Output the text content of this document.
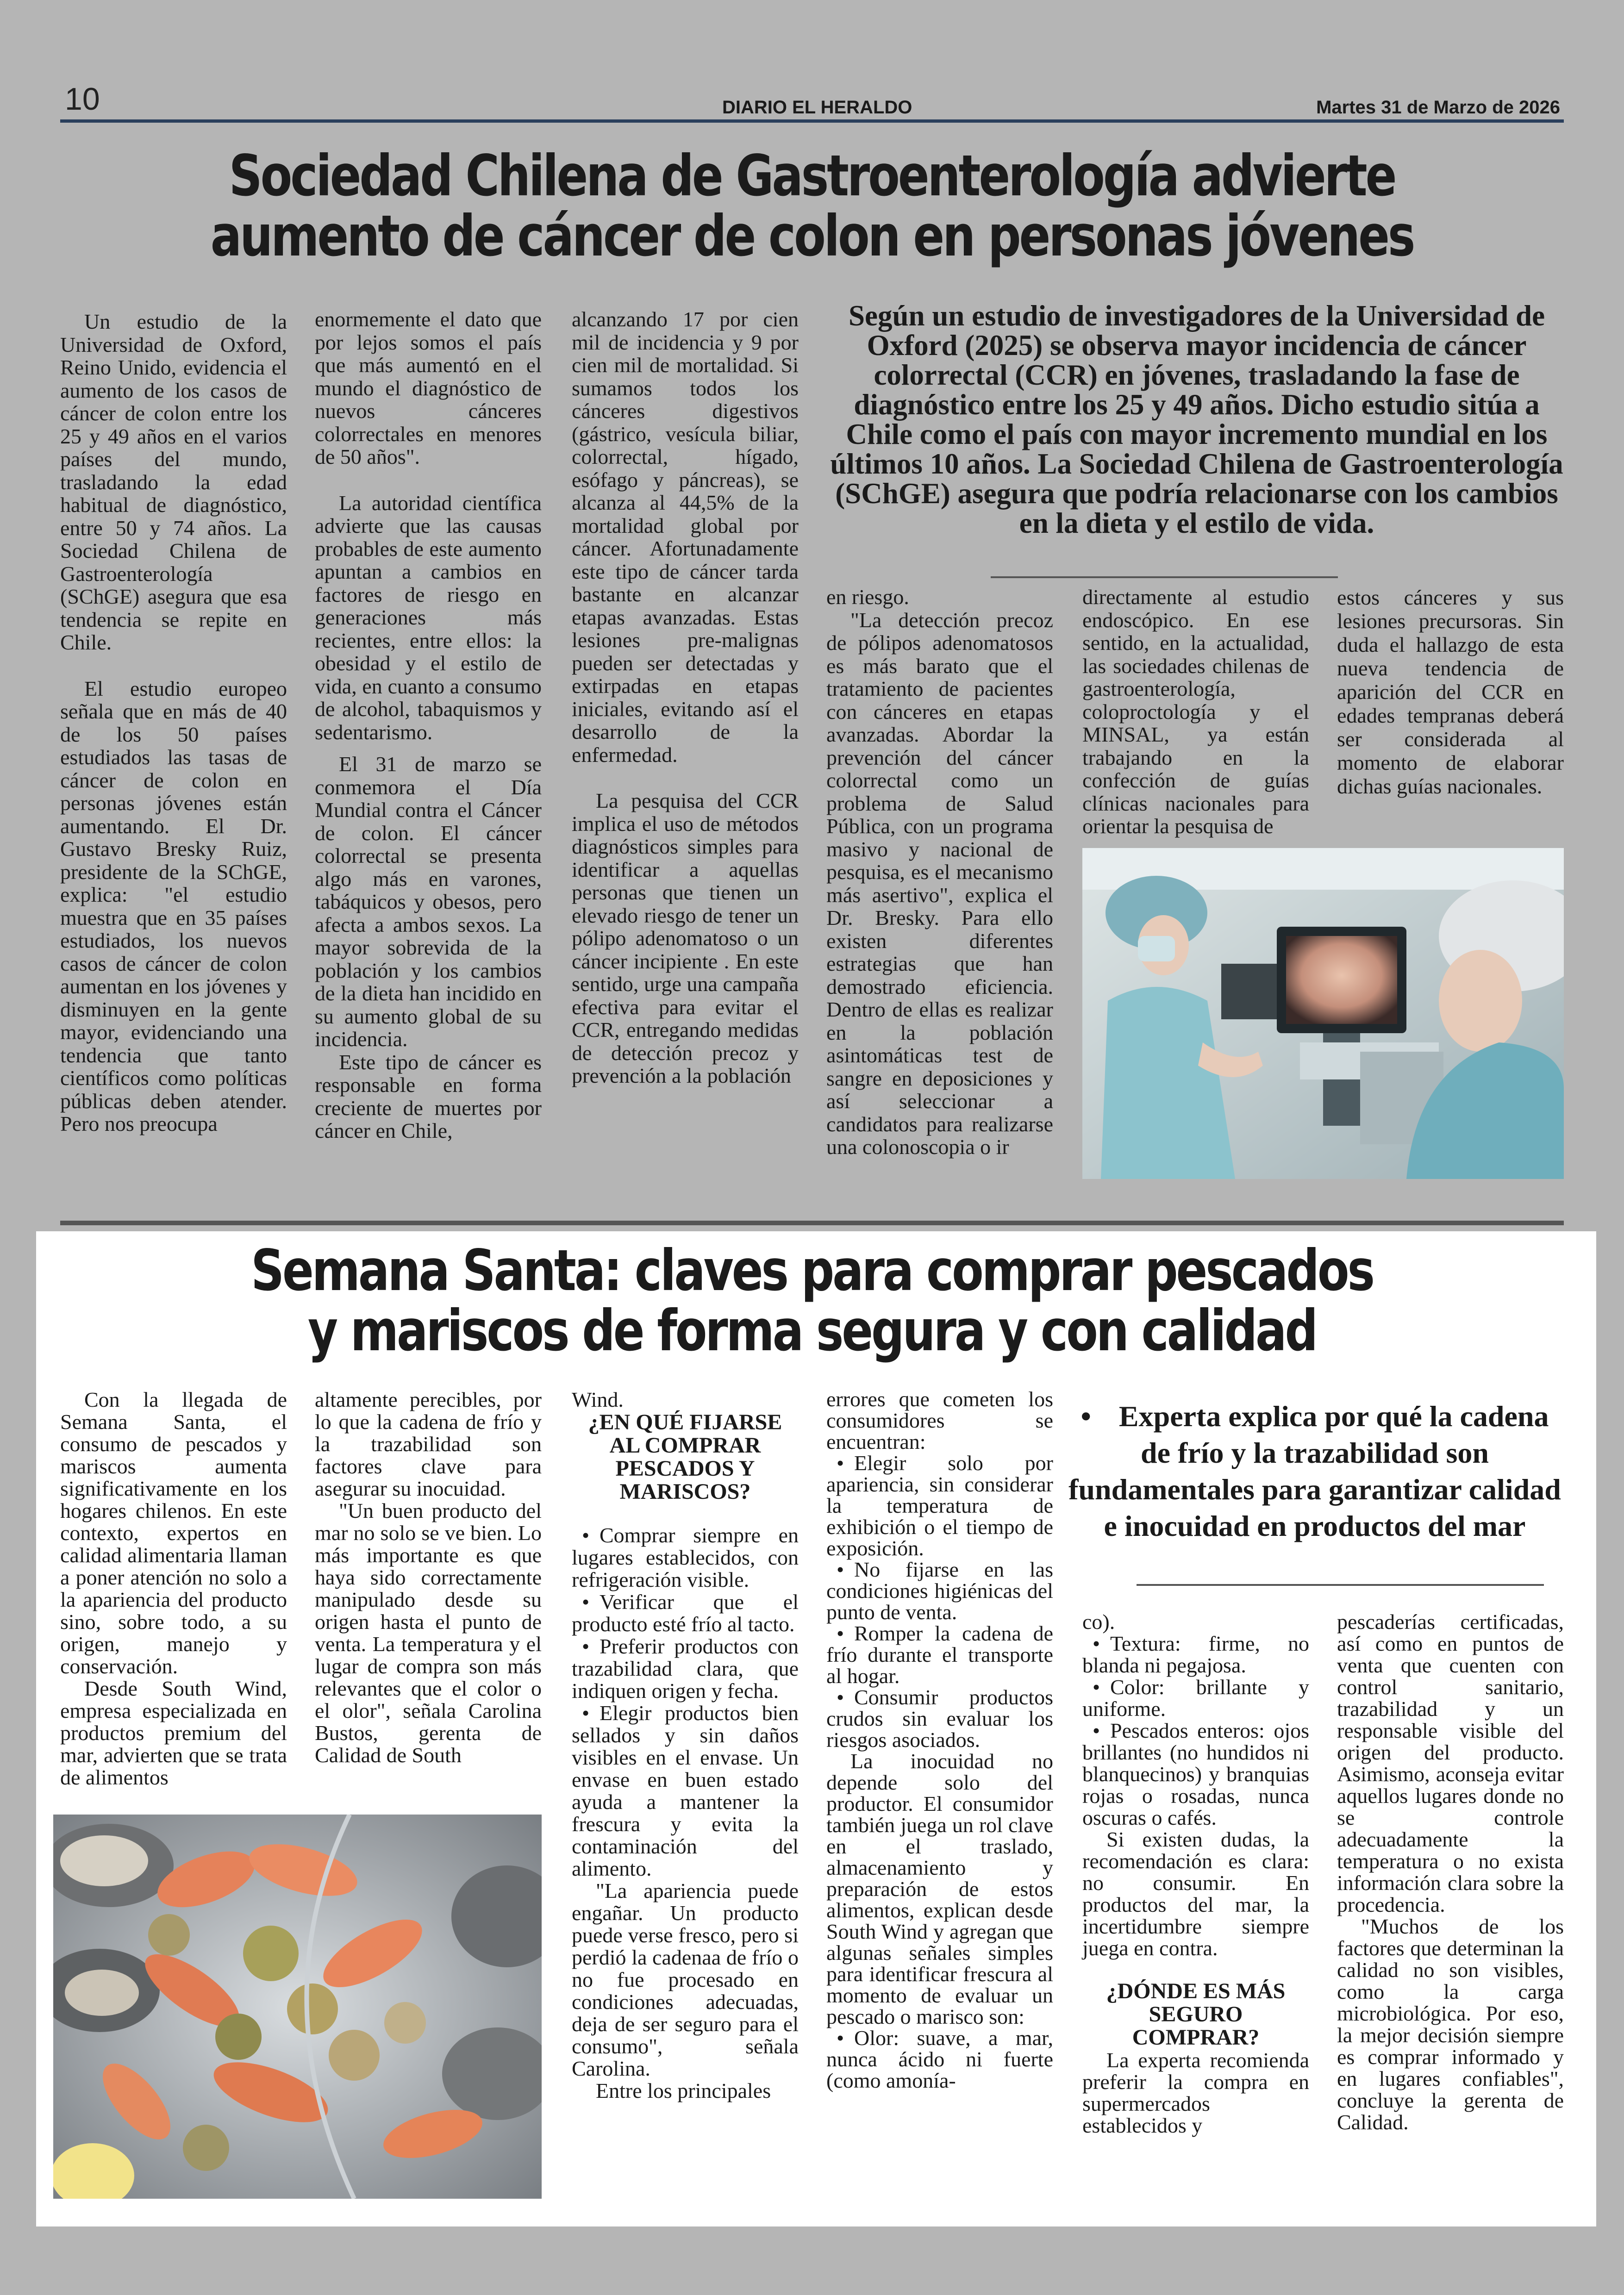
10	DIARIO EL HERALDO	Martes 31 de Marzo de 2026
Sociedad Chilena de Gastroenterología advierte
aumento de cáncer de colon en personas jóvenes

Un estudio de la Universidad de Oxford, Reino Unido, evidencia el aumento de los casos de cáncer de colon entre los 25 y 49 años en el varios países del mundo, trasladando la edad habitual de diagnóstico, entre 50 y 74 años. La Sociedad Chilena de Gastroenterología (SChGE) asegura que esa tendencia se repite en Chile.

El estudio europeo señala que en más de 40 de los 50 países estudiados las tasas de cáncer de colon en personas jóvenes están aumentando. El Dr. Gustavo Bresky Ruiz, presidente de la SChGE, explica: "el estudio muestra que en 35 países estudiados, los nuevos casos de cáncer de colon aumentan en los jóvenes y disminuyen en la gente mayor, evidenciando una tendencia que tanto científicos como políticas públicas deben atender. Pero nos preocupa

enormemente el dato que por lejos somos el país que más aumentó en el mundo el diagnóstico de nuevos cánceres colorrectales en menores de 50 años".

La autoridad científica advierte que las causas probables de este aumento apuntan a cambios en factores de riesgo en generaciones más recientes, entre ellos: la obesidad y el estilo de vida, en cuanto a consumo de alcohol, tabaquismos y sedentarismo.

El 31 de marzo se conmemora el Día Mundial contra el Cáncer de colon. El cáncer colorrectal se presenta algo más en varones, tabáquicos y obesos, pero afecta a ambos sexos. La mayor sobrevida de la población y los cambios de la dieta han incidido en su aumento global de su incidencia.

Este tipo de cáncer es responsable en forma creciente de muertes por cáncer en Chile,

alcanzando 17 por cien mil de incidencia y 9 por cien mil de mortalidad. Si sumamos todos los cánceres digestivos (gástrico, vesícula biliar, colorrectal, hígado, esófago y páncreas), se alcanza al 44,5% de la mortalidad global por cáncer. Afortunadamente este tipo de cáncer tarda bastante en alcanzar etapas avanzadas. Estas lesiones pre-malignas pueden ser detectadas y extirpadas en etapas iniciales, evitando así el desarrollo de la enfermedad.

La pesquisa del CCR implica el uso de métodos diagnósticos simples para identificar a aquellas personas que tienen un elevado riesgo de tener un pólipo adenomatoso o un cáncer incipiente . En este sentido, urge una campaña efectiva para evitar el CCR, entregando medidas de detección precoz y prevención a la población

Según un estudio de investigadores de la Universidad de Oxford (2025) se observa mayor incidencia de cáncer colorrectal (CCR) en jóvenes, trasladando la fase de diagnóstico entre los 25 y 49 años. Dicho estudio sitúa a Chile como el país con mayor incremento mundial en los últimos 10 años. La Sociedad Chilena de Gastroenterología (SChGE) asegura que podría relacionarse con los cambios en la dieta y el estilo de vida.

en riesgo.

"La detección precoz de pólipos adenomatosos es más barato que el tratamiento de pacientes con cánceres en etapas avanzadas. Abordar la prevención del cáncer colorrectal como un problema de Salud Pública, con un programa masivo y nacional de pesquisa, es el mecanismo más asertivo", explica el Dr. Bresky. Para ello existen diferentes estrategias que han demostrado eficiencia. Dentro de ellas es realizar en la población asintomáticas test de sangre en deposiciones y así seleccionar a candidatos para realizarse una colonoscopia o ir

directamente al estudio endoscópico. En ese sentido, en la actualidad, las sociedades chilenas de gastroenterología, coloproctología y el MINSAL, ya están trabajando en la confección de guías clínicas nacionales para orientar la pesquisa de

estos cánceres y sus lesiones precursoras. Sin duda el hallazgo de esta nueva tendencia de aparición del CCR en edades tempranas deberá ser considerada al momento de elaborar dichas guías nacionales.

Semana Santa: claves para comprar pescados
y mariscos de forma segura y con calidad

Con la llegada de Semana Santa, el consumo de pescados y mariscos aumenta significativamente en los hogares chilenos. En este contexto, expertos en calidad alimentaria llaman a poner atención no solo a la apariencia del producto sino, sobre todo, a su origen, manejo y conservación.

Desde South Wind, empresa especializada en productos premium del mar, advierten que se trata de alimentos

altamente perecibles, por lo que la cadena de frío y la trazabilidad son factores clave para asegurar su inocuidad.

"Un buen producto del mar no solo se ve bien. Lo más importante es que haya sido correctamente manipulado desde su origen hasta el punto de venta. La temperatura y el lugar de compra son más relevantes que el color o el olor", señala Carolina Bustos, gerenta de Calidad de South

Wind.

¿EN QUÉ FIJARSE AL COMPRAR PESCADOS Y MARISCOS?

• Comprar siempre en lugares establecidos, con refrigeración visible.

• Verificar que el producto esté frío al tacto.

• Preferir productos con trazabilidad clara, que indiquen origen y fecha.

• Elegir productos bien sellados y sin daños visibles en el envase. Un envase en buen estado ayuda a mantener la frescura y evita la contaminación del alimento.

"La apariencia puede engañar. Un producto puede verse fresco, pero si perdió la cadenaa de frío o no fue procesado en condiciones adecuadas, deja de ser seguro para el consumo", señala Carolina.

Entre los principales

errores que cometen los consumidores se encuentran:

• Elegir solo por apariencia, sin considerar la temperatura de exhibición o el tiempo de exposición.

• No fijarse en las condiciones higiénicas del punto de venta.

• Romper la cadena de frío durante el transporte al hogar.

• Consumir productos crudos sin evaluar los riesgos asociados.

La inocuidad no depende solo del productor. El consumidor también juega un rol clave en el traslado, almacenamiento y preparación de estos alimentos, explican desde South Wind y agregan que algunas señales simples para identificar frescura al momento de evaluar un pescado o marisco son:

• Olor: suave, a mar, nunca ácido ni fuerte (como amonía-

• Experta explica por qué la cadena de frío y la trazabilidad son fundamentales para garantizar calidad e inocuidad en productos del mar

co).

• Textura: firme, no blanda ni pegajosa.

• Color: brillante y uniforme.

• Pescados enteros: ojos brillantes (no hundidos ni blanquecinos) y branquias rojas o rosadas, nunca oscuras o cafés.

Si existen dudas, la recomendación es clara: no consumir. En productos del mar, la incertidumbre siempre juega en contra.

¿DÓNDE ES MÁS SEGURO COMPRAR?

La experta recomienda preferir la compra en supermercados establecidos y

pescaderías certificadas, así como en puntos de venta que cuenten con control sanitario, trazabilidad y un responsable visible del origen del producto. Asimismo, aconseja evitar aquellos lugares donde no se controle adecuadamente la temperatura o no exista información clara sobre la procedencia.

"Muchos de los factores que determinan la calidad no son visibles, como la carga microbiológica. Por eso, la mejor decisión siempre es comprar informado y en lugares confiables", concluye la gerenta de Calidad.
